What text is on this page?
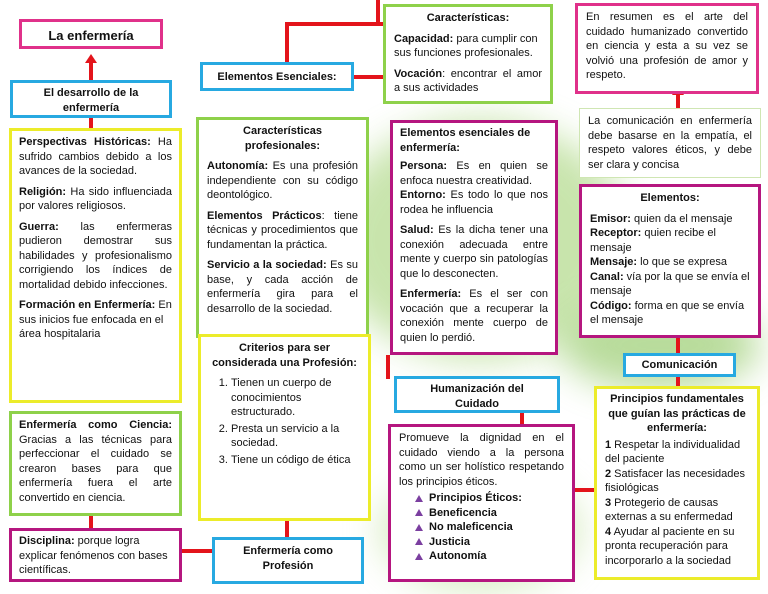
La enfermería
El desarrollo de la enfermería

Perspectivas Históricas: Ha sufrido cambios debido a los avances de la sociedad.

Religión: Ha sido influenciada por valores religiosos.

Guerra: las enfermeras pudieron demostrar sus habilidades y profesionalismo corrigiendo los índices de mortalidad debido infecciones.

Formación en Enfermería: En sus inicios fue enfocada en el área hospitalaria

Enfermería como Ciencia: Gracias a las técnicas para perfeccionar el cuidado se crearon bases para que enfermería fuera el arte convertido en ciencia.
Disciplina: porque logra explicar fenómenos con bases científicas.
Elementos Esenciales:

Características profesionales:

Autonomía: Es una profesión independiente con su código deontológico.

Elementos Prácticos: tiene técnicas y procedimientos que fundamentan la práctica.

Servicio a la sociedad: Es su base, y cada acción de enfermería gira para el desarrollo de la sociedad.

Criterios para ser considerada una Profesión:

1. Tienen un cuerpo de conocimientos estructurado.
2. Presta un servicio a la sociedad.
3. Tiene un código de ética
Enfermería como Profesión

Características:

Capacidad: para cumplir con sus funciones profesionales.

Vocación: encontrar el amor a sus actividades

Elementos esenciales de enfermería:

Persona: Es en quien se enfoca nuestra creatividad.

Entorno: Es todo lo que nos rodea he influencia

Salud: Es la dicha tener una conexión adecuada entre mente y cuerpo sin patologías que lo desconecten.

Enfermería: Es el ser con vocación que a recuperar la conexión mente cuerpo de quien lo perdió.

Humanización del Cuidado

Promueve la dignidad en el cuidado viendo a la persona como un ser holístico respetando los principios éticos.

Principios Éticos:
Beneficencia
No maleficencia
Justicia
Autonomía
En resumen es el arte del cuidado humanizado convertido en ciencia y esta a su vez se volvió una profesión de amor y respeto.
La comunicación en enfermería debe basarse en la empatía, el respeto valores éticos, y debe ser clara y concisa

Elementos:

Emisor: quien da el mensaje
Receptor: quien recibe el mensaje
Mensaje: lo que se expresa
Canal: vía por la que se envía el mensaje
Código: forma en que se envía el mensaje
Comunicación

Principios fundamentales que guían las prácticas de enfermería:

1 Respetar la individualidad del paciente
2 Satisfacer las necesidades fisiológicas
3 Protegerio de causas externas a su enfermedad
4 Ayudar al paciente en su pronta recuperación para incorporarlo a la sociedad
